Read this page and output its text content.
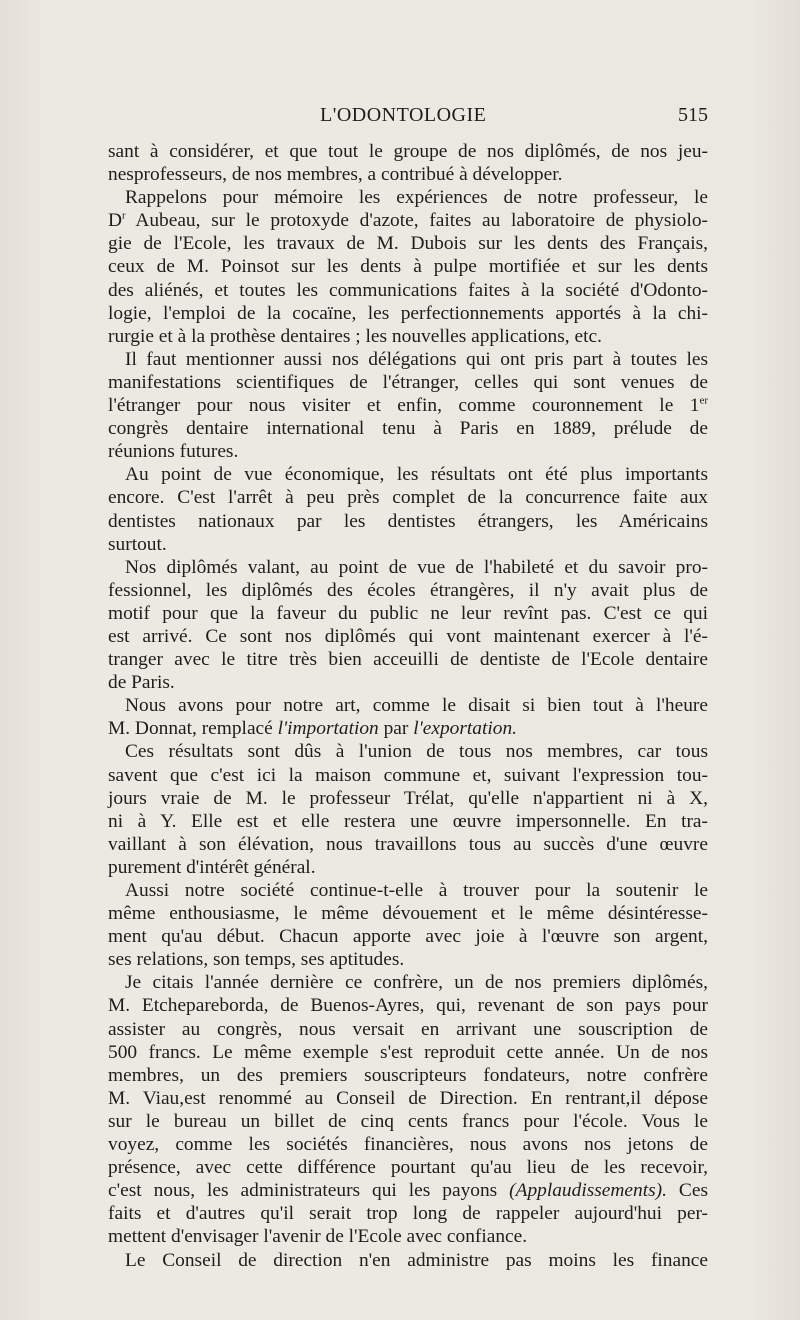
L'ODONTOLOGIE	515
sant à considérer, et que tout le groupe de nos diplômés, de nos jeu-
nesprofesseurs, de nos membres, a contribué à développer.
Rappelons pour mémoire les expériences de notre professeur, le
$D^r$ Aubeau, sur le protoxyde d'azote, faites au laboratoire de physiolo-
gie de l'Ecole, les travaux de M. Dubois sur les dents des Français,
ceux de M. Poinsot sur les dents à pulpe mortifiée et sur les dents
des aliénés, et toutes les communications faites à la société d'Odonto-
logie, l'emploi de la cocaïne, les perfectionnements apportés à la chi-
rurgie et à la prothèse dentaires ; les nouvelles applications, etc.
Il faut mentionner aussi nos délégations qui ont pris part à toutes les
manifestations scientifiques de l'étranger, celles qui sont venues de
l'étranger pour nous visiter et enfin, comme couronnement le 1er
congrès dentaire international tenu à Paris en 1889, prélude de
réunions futures.
Au point de vue économique, les résultats ont été plus importants
encore. C'est l'arrêt à peu près complet de la concurrence faite aux
dentistes nationaux par les dentistes étrangers, les Américains
surtout.
Nos diplômés valant, au point de vue de l'habileté et du savoir pro-
fessionnel, les diplômés des écoles étrangères, il n'y avait plus de
motif pour que la faveur du public ne leur revînt pas. C'est ce qui
est arrivé. Ce sont nos diplômés qui vont maintenant exercer à l'é-
tranger avec le titre très bien acceuilli de dentiste de l'Ecole dentaire
de Paris.
Nous avons pour notre art, comme le disait si bien tout à l'heure
M. Donnat, remplacé l'importation par l'exportation.
Ces résultats sont dûs à l'union de tous nos membres, car tous
savent que c'est ici la maison commune et, suivant l'expression tou-
jours vraie de M. le professeur Trélat, qu'elle n'appartient ni à X,
ni à Y. Elle est et elle restera une œuvre impersonnelle. En tra-
vaillant à son élévation, nous travaillons tous au succès d'une œuvre
purement d'intérêt général.
Aussi notre société continue-t-elle à trouver pour la soutenir le
même enthousiasme, le même dévouement et le même désintéresse-
ment qu'au début. Chacun apporte avec joie à l'œuvre son argent,
ses relations, son temps, ses aptitudes.
Je citais l'année dernière ce confrère, un de nos premiers diplômés,
M. Etchepareborda, de Buenos-Ayres, qui, revenant de son pays pour
assister au congrès, nous versait en arrivant une souscription de
500 francs. Le même exemple s'est reproduit cette année. Un de nos
membres, un des premiers souscripteurs fondateurs, notre confrère
M. Viau,est renommé au Conseil de Direction. En rentrant,il dépose
sur le bureau un billet de cinq cents francs pour l'école. Vous le
voyez, comme les sociétés financières, nous avons nos jetons de
présence, avec cette différence pourtant qu'au lieu de les recevoir,
c'est nous, les administrateurs qui les payons (Applaudissements). Ces
faits et d'autres qu'il serait trop long de rappeler aujourd'hui per-
mettent d'envisager l'avenir de l'Ecole avec confiance.
Le Conseil de direction n'en administre pas moins les finance
